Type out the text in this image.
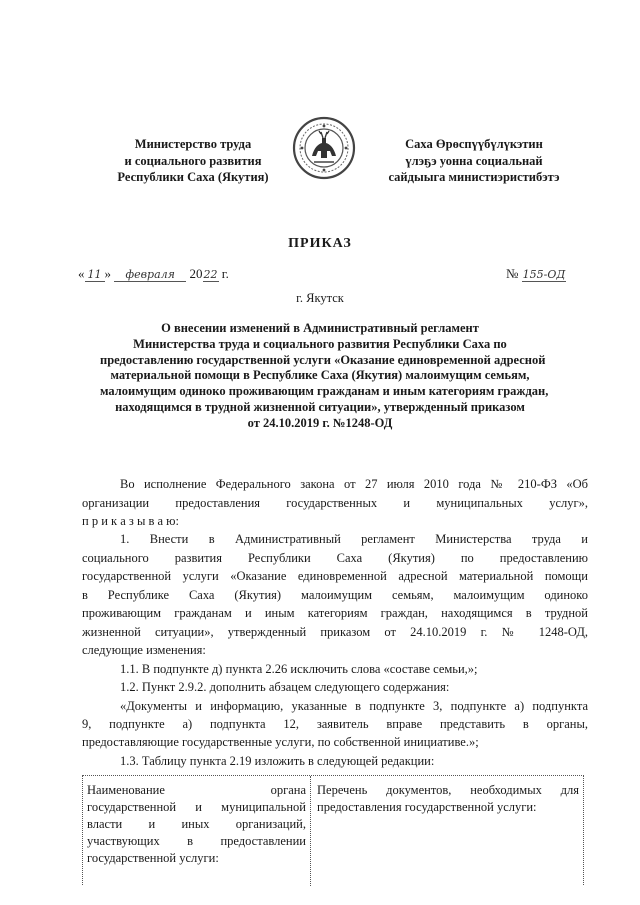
Министерство труда
и социального развития
Республики Саха (Якутия)
Саха Өрөспүүбүлүкэтин
үлэҕэ уонна социальнай
сайдыыга министиэристибэтэ
ПРИКАЗ
« 11 » февраля 2022 г.	№ 155-ОД
г. Якутск
О внесении изменений в Административный регламент
Министерства труда и социального развития Республики Саха по
предоставлению государственной услуги «Оказание единовременной адресной
материальной помощи в Республике Саха (Якутия) малоимущим семьям,
малоимущим одиноко проживающим гражданам и иным категориям граждан,
находящимся в трудной жизненной ситуации», утвержденный приказом
от 24.10.2019 г. №1248-ОД
Во исполнение Федерального закона от 27 июля 2010 года № 210-ФЗ «Об
организации предоставления государственных и муниципальных услуг»,
п р и к а з ы в а ю:
1. Внести в Административный регламент Министерства труда и
социального развития Республики Саха (Якутия) по предоставлению
государственной услуги «Оказание единовременной адресной материальной помощи
в Республике Саха (Якутия) малоимущим семьям, малоимущим одиноко
проживающим гражданам и иным категориям граждан, находящимся в трудной
жизненной ситуации», утвержденный приказом от 24.10.2019 г. № 1248-ОД,
следующие изменения:
1.1. В подпункте д) пункта 2.26 исключить слова «составе семьи,»;
1.2. Пункт 2.9.2. дополнить абзацем следующего содержания:
«Документы и информацию, указанные в подпункте 3, подпункте а) подпункта
9, подпункте а) подпункта 12, заявитель вправе представить в органы,
предоставляющие государственные услуги, по собственной инициативе.»;
1.3. Таблицу пункта 2.19 изложить в следующей редакции:
Наименование органа
государственной и муниципальной
власти и иных организаций,
участвующих в предоставлении
государственной услуги:
Перечень документов, необходимых для
предоставления государственной услуги:
